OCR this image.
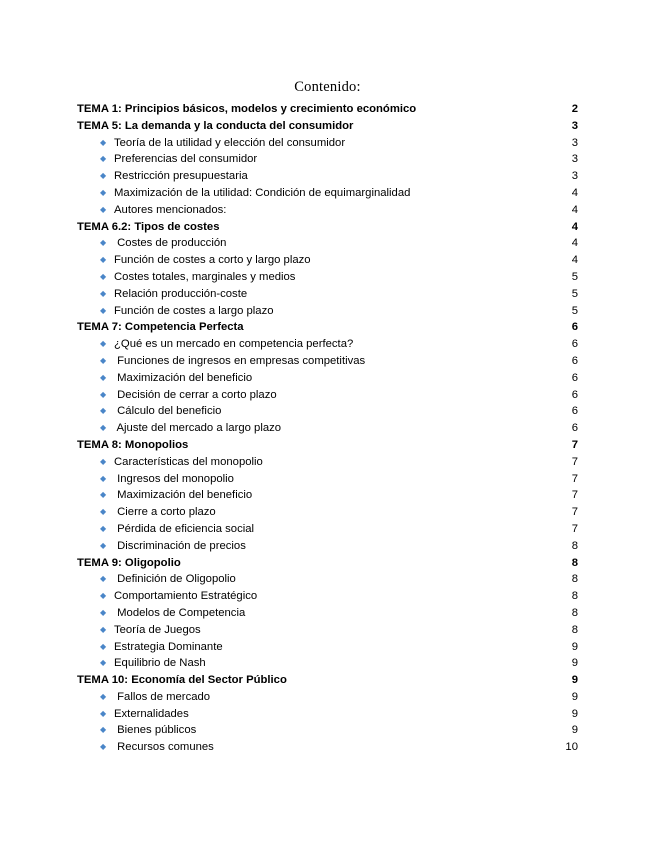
Contenido:
TEMA 1: Principios básicos, modelos y crecimiento económico	2
TEMA 5: La demanda y la conducta del consumidor	3
◆ Teoría de la utilidad y elección del consumidor	3
◆ Preferencias del consumidor	3
◆ Restricción presupuestaria	3
◆ Maximización de la utilidad: Condición de equimarginalidad	4
◆ Autores mencionados:	4
TEMA 6.2: Tipos de costes	4
◆ Costes de producción	4
◆ Función de costes a corto y largo plazo	4
◆ Costes totales, marginales y medios	5
◆ Relación producción-coste	5
◆ Función de costes a largo plazo	5
TEMA 7: Competencia Perfecta	6
◆ ¿Qué es un mercado en competencia perfecta?	6
◆ Funciones de ingresos en empresas competitivas	6
◆ Maximización del beneficio	6
◆ Decisión de cerrar a corto plazo	6
◆ Cálculo del beneficio	6
◆ Ajuste del mercado a largo plazo	6
TEMA 8: Monopolios	7
◆ Características del monopolio	7
◆ Ingresos del monopolio	7
◆ Maximización del beneficio	7
◆ Cierre a corto plazo	7
◆ Pérdida de eficiencia social	7
◆ Discriminación de precios	8
TEMA 9: Oligopolio	8
◆ Definición de Oligopolio	8
◆ Comportamiento Estratégico	8
◆ Modelos de Competencia	8
◆ Teoría de Juegos	8
◆ Estrategia Dominante	9
◆ Equilibrio de Nash	9
TEMA 10: Economía del Sector Público	9
◆ Fallos de mercado	9
◆ Externalidades	9
◆ Bienes públicos	9
◆ Recursos comunes	10
